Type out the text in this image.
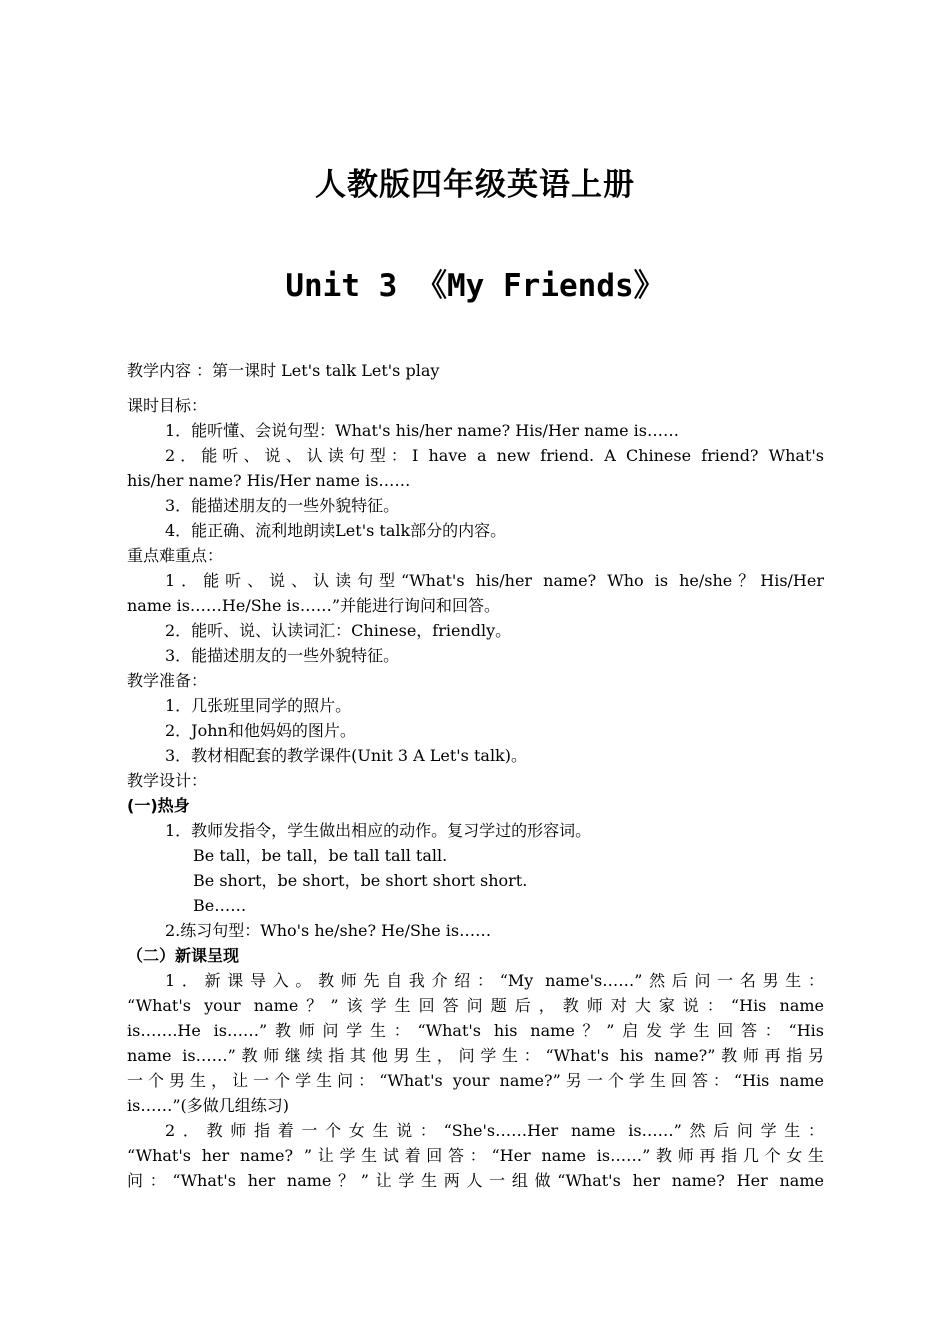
人教版四年级英语上册
Unit 3 《My Friends》
教学内容 ：第一课时 Let's talk Let's play
课时目标：
1．能听懂、会说句型：What's his/her name? His/Her name is……
2．能听、说、认读句型：I have a new friend. A Chinese friend? What's
his/her name? His/Her name is……
3．能描述朋友的一些外貌特征。
4．能正确、流利地朗读Let's talk部分的内容。
重点难重点：
1．能听、说、认读句型“What's his/her name? Who is he/she？His/Her
name is……He/She is……”并能进行询问和回答。
2．能听、说、认读词汇：Chinese，friendly。
3．能描述朋友的一些外貌特征。
教学准备：
1．几张班里同学的照片。
2．John和他妈妈的图片。
3．教材相配套的教学课件(Unit 3 A Let's talk)。
教学设计：
(一)热身
1．教师发指令，学生做出相应的动作。复习学过的形容词。
Be tall，be tall，be tall tall tall.
Be short，be short，be short short short.
Be……
2.练习句型：Who's he/she? He/She is……
（二）新课呈现
1．新课导入。教师先自我介绍：“My name's……”然后问一名男生：
“What's your name？”该学生回答问题后，教师对大家说：“His name
is…….He is……”教师问学生：“What's his name？”启发学生回答：“His
name is……”教师继续指其他男生，问学生：“What's his name?”教师再指另
一个男生，让一个学生问：“What's your name?”另一个学生回答：“His name
is……”(多做几组练习)
2．教师指着一个女生说：“She's……Her name is……”然后问学生：
“What's her name? ”让学生试着回答：“Her name is……”教师再指几个女生
问：“What's her name？”让学生两人一组做“What's her name? Her name
